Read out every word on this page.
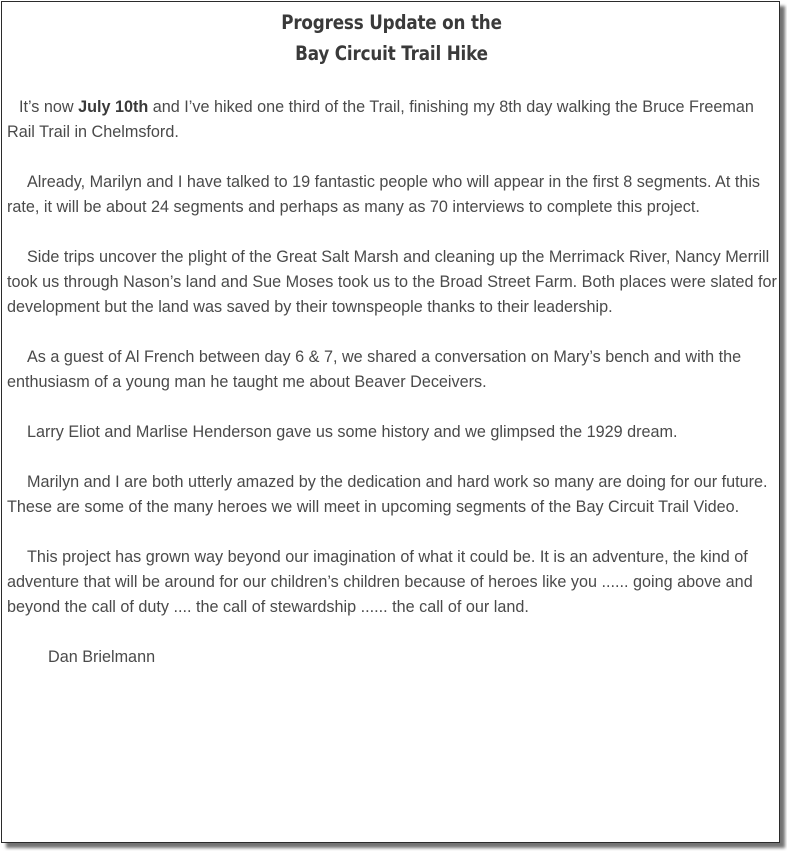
Progress Update on the
Bay Circuit Trail Hike

It’s now July 10th and I’ve hiked one third of the Trail, finishing my 8th day walking the Bruce Freeman Rail Trail in Chelmsford.

Already, Marilyn and I have talked to 19 fantastic people who will appear in the first 8 segments. At this rate, it will be about 24 segments and perhaps as many as 70 interviews to complete this project.

Side trips uncover the plight of the Great Salt Marsh and cleaning up the Merrimack River, Nancy Merrill took us through Nason’s land and Sue Moses took us to the Broad Street Farm. Both places were slated for development but the land was saved by their townspeople thanks to their leadership.

As a guest of Al French between day 6 & 7, we shared a conversation on Mary’s bench and with the enthusiasm of a young man he taught me about Beaver Deceivers.

Larry Eliot and Marlise Henderson gave us some history and we glimpsed the 1929 dream.

Marilyn and I are both utterly amazed by the dedication and hard work so many are doing for our future. These are some of the many heroes we will meet in upcoming segments of the Bay Circuit Trail Video.

This project has grown way beyond our imagination of what it could be. It is an adventure, the kind of adventure that will be around for our children’s children because of heroes like you ...... going above and beyond the call of duty .... the call of stewardship ...... the call of our land.

Dan Brielmann
